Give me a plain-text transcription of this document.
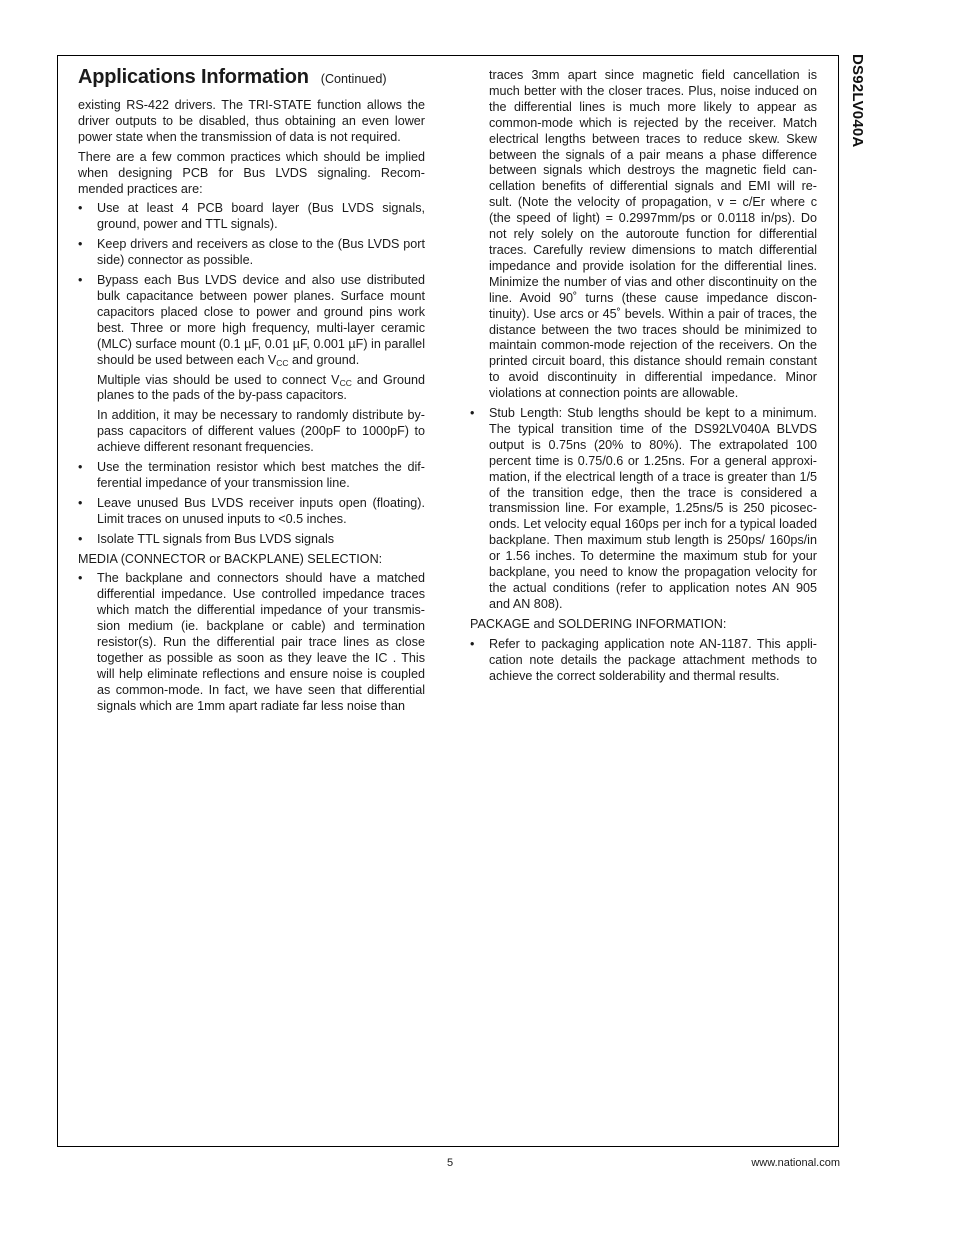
DS92LV040A
Applications Information (Continued)

existing RS-422 drivers. The TRI-STATE function allows the driver outputs to be disabled, thus obtaining an even lower power state when the transmission of data is not required.

There are a few common practices which should be implied when designing PCB for Bus LVDS signaling. Recom- mended practices are:

•	Use at least 4 PCB board layer (Bus LVDS signals, ground, power and TTL signals).

•	Keep drivers and receivers as close to the (Bus LVDS port side) connector as possible.

•	Bypass each Bus LVDS device and also use distributed bulk capacitance between power planes. Surface mount capacitors placed close to power and ground pins work best. Three or more high frequency, multi-layer ceramic (MLC) surface mount (0.1 µF, 0.01 µF, 0.001 µF) in parallel should be used between each $V_{CC}$ and ground.

Multiple vias should be used to connect $V_{CC}$ and Ground planes to the pads of the by-pass capacitors.

In addition, it may be necessary to randomly distribute by-pass capacitors of different values (200pF to 1000pF) to achieve different resonant frequencies.

•	Use the termination resistor which best matches the dif- ferential impedance of your transmission line.

•	Leave unused Bus LVDS receiver inputs open (floating). Limit traces on unused inputs to <0.5 inches.

•	Isolate TTL signals from Bus LVDS signals

MEDIA (CONNECTOR or BACKPLANE) SELECTION:

•	The backplane and connectors should have a matched differential impedance. Use controlled impedance traces which match the differential impedance of your transmis- sion medium (ie. backplane or cable) and termination resistor(s). Run the differential pair trace lines as close together as possible as soon as they leave the IC . This will help eliminate reflections and ensure noise is coupled as common-mode. In fact, we have seen that differential signals which are 1mm apart radiate far less noise than

traces 3mm apart since magnetic field cancellation is much better with the closer traces. Plus, noise induced on the differential lines is much more likely to appear as common-mode which is rejected by the receiver. Match electrical lengths between traces to reduce skew. Skew between the signals of a pair means a phase difference between signals which destroys the magnetic field can- cellation benefits of differential signals and EMI will re- sult. (Note the velocity of propagation, v = c/Er where c (the speed of light) = 0.2997mm/ps or 0.0118 in/ps). Do not rely solely on the autoroute function for differential traces. Carefully review dimensions to match differential impedance and provide isolation for the differential lines. Minimize the number of vias and other discontinuity on the line. Avoid 90˚ turns (these cause impedance discon- tinuity). Use arcs or 45˚ bevels. Within a pair of traces, the distance between the two traces should be minimized to maintain common-mode rejection of the receivers. On the printed circuit board, this distance should remain constant to avoid discontinuity in differential impedance. Minor violations at connection points are allowable.

•	Stub Length: Stub lengths should be kept to a minimum. The typical transition time of the DS92LV040A BLVDS output is 0.75ns (20% to 80%). The extrapolated 100 percent time is 0.75/0.6 or 1.25ns. For a general approxi- mation, if the electrical length of a trace is greater than 1/5 of the transition edge, then the trace is considered a transmission line. For example, 1.25ns/5 is 250 picosec- onds. Let velocity equal 160ps per inch for a typical loaded backplane. Then maximum stub length is 250ps/ 160ps/in or 1.56 inches. To determine the maximum stub for your backplane, you need to know the propagation velocity for the actual conditions (refer to application notes AN 905 and AN 808).

PACKAGE and SOLDERING INFORMATION:

•	Refer to packaging application note AN-1187. This appli- cation note details the package attachment methods to achieve the correct solderability and thermal results.

5	www.national.com
